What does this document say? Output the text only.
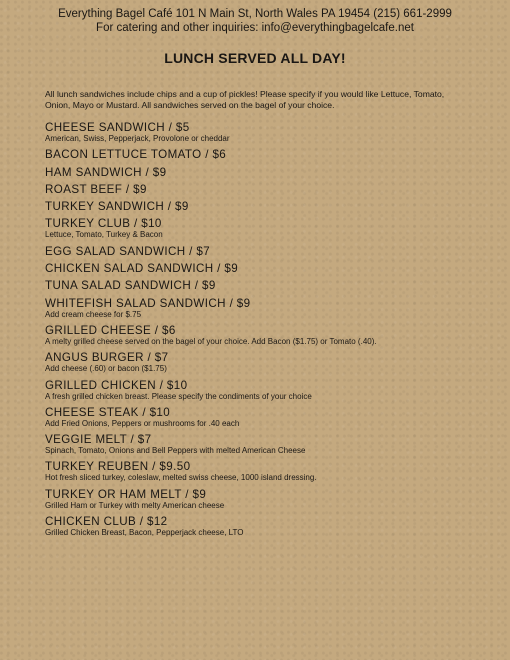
Everything Bagel Café 101 N Main St, North Wales PA 19454 (215) 661-2999
For catering and other inquiries: info@everythingbagelcafe.net
LUNCH SERVED ALL DAY!
All lunch sandwiches include chips and a cup of pickles! Please specify if you would like Lettuce, Tomato, Onion, Mayo or Mustard. All sandwiches served on the bagel of your choice.
CHEESE SANDWICH / $5
American, Swiss, Pepperjack, Provolone or cheddar
BACON LETTUCE TOMATO / $6
HAM SANDWICH / $9
ROAST BEEF / $9
TURKEY SANDWICH / $9
TURKEY CLUB / $10
Lettuce, Tomato, Turkey & Bacon
EGG SALAD SANDWICH / $7
CHICKEN SALAD SANDWICH / $9
TUNA SALAD SANDWICH / $9
WHITEFISH SALAD SANDWICH / $9
Add cream cheese for $.75
GRILLED CHEESE / $6
A melty grilled cheese served on the bagel of your choice. Add Bacon ($1.75) or Tomato (.40).
ANGUS BURGER / $7
Add cheese (.60) or bacon ($1.75)
GRILLED CHICKEN / $10
A fresh grilled chicken breast. Please specify the condiments of your choice
CHEESE STEAK / $10
Add Fried Onions, Peppers or mushrooms for .40 each
VEGGIE MELT / $7
Spinach, Tomato, Onions and Bell Peppers with melted American Cheese
TURKEY REUBEN / $9.50
Hot fresh sliced turkey, coleslaw, melted swiss cheese, 1000 island dressing.
TURKEY OR HAM MELT / $9
Grilled Ham or Turkey with melty American cheese
CHICKEN CLUB / $12
Grilled Chicken Breast, Bacon, Pepperjack cheese, LTO
